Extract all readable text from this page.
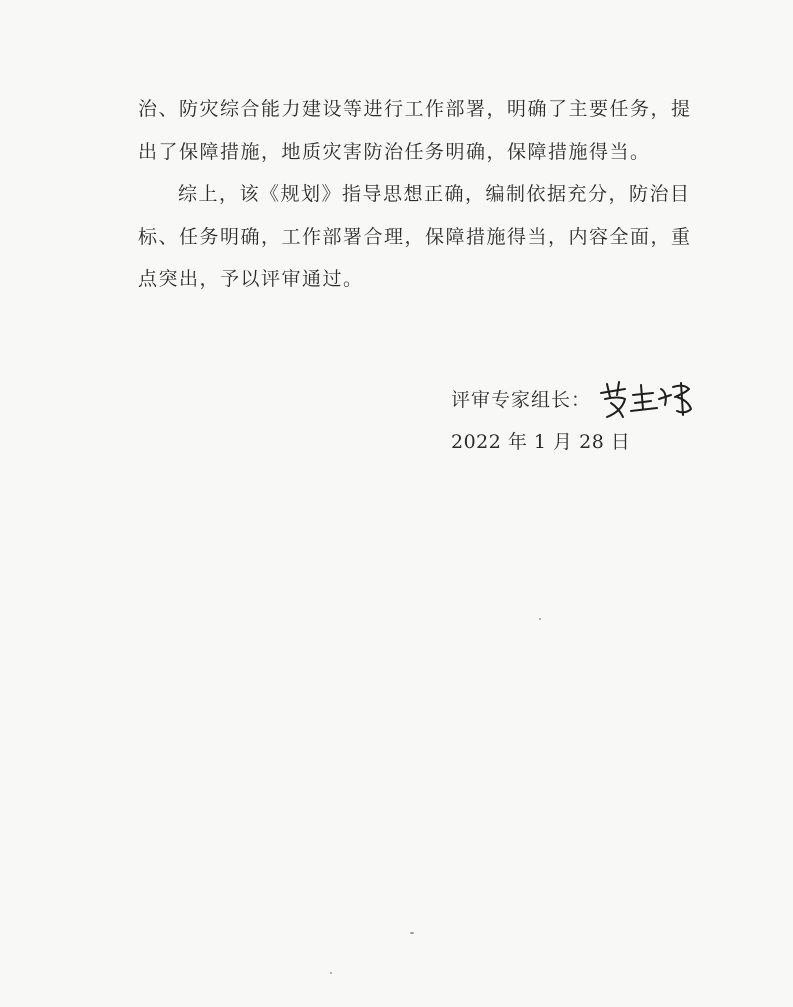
治、防灾综合能力建设等进行工作部署，明确了主要任务，提出了保障措施，地质灾害防治任务明确，保障措施得当。

综上，该《规划》指导思想正确，编制依据充分，防治目标、任务明确，工作部署合理，保障措施得当，内容全面，重点突出，予以评审通过。

评审专家组长：
2022 年 1 月 28 日
